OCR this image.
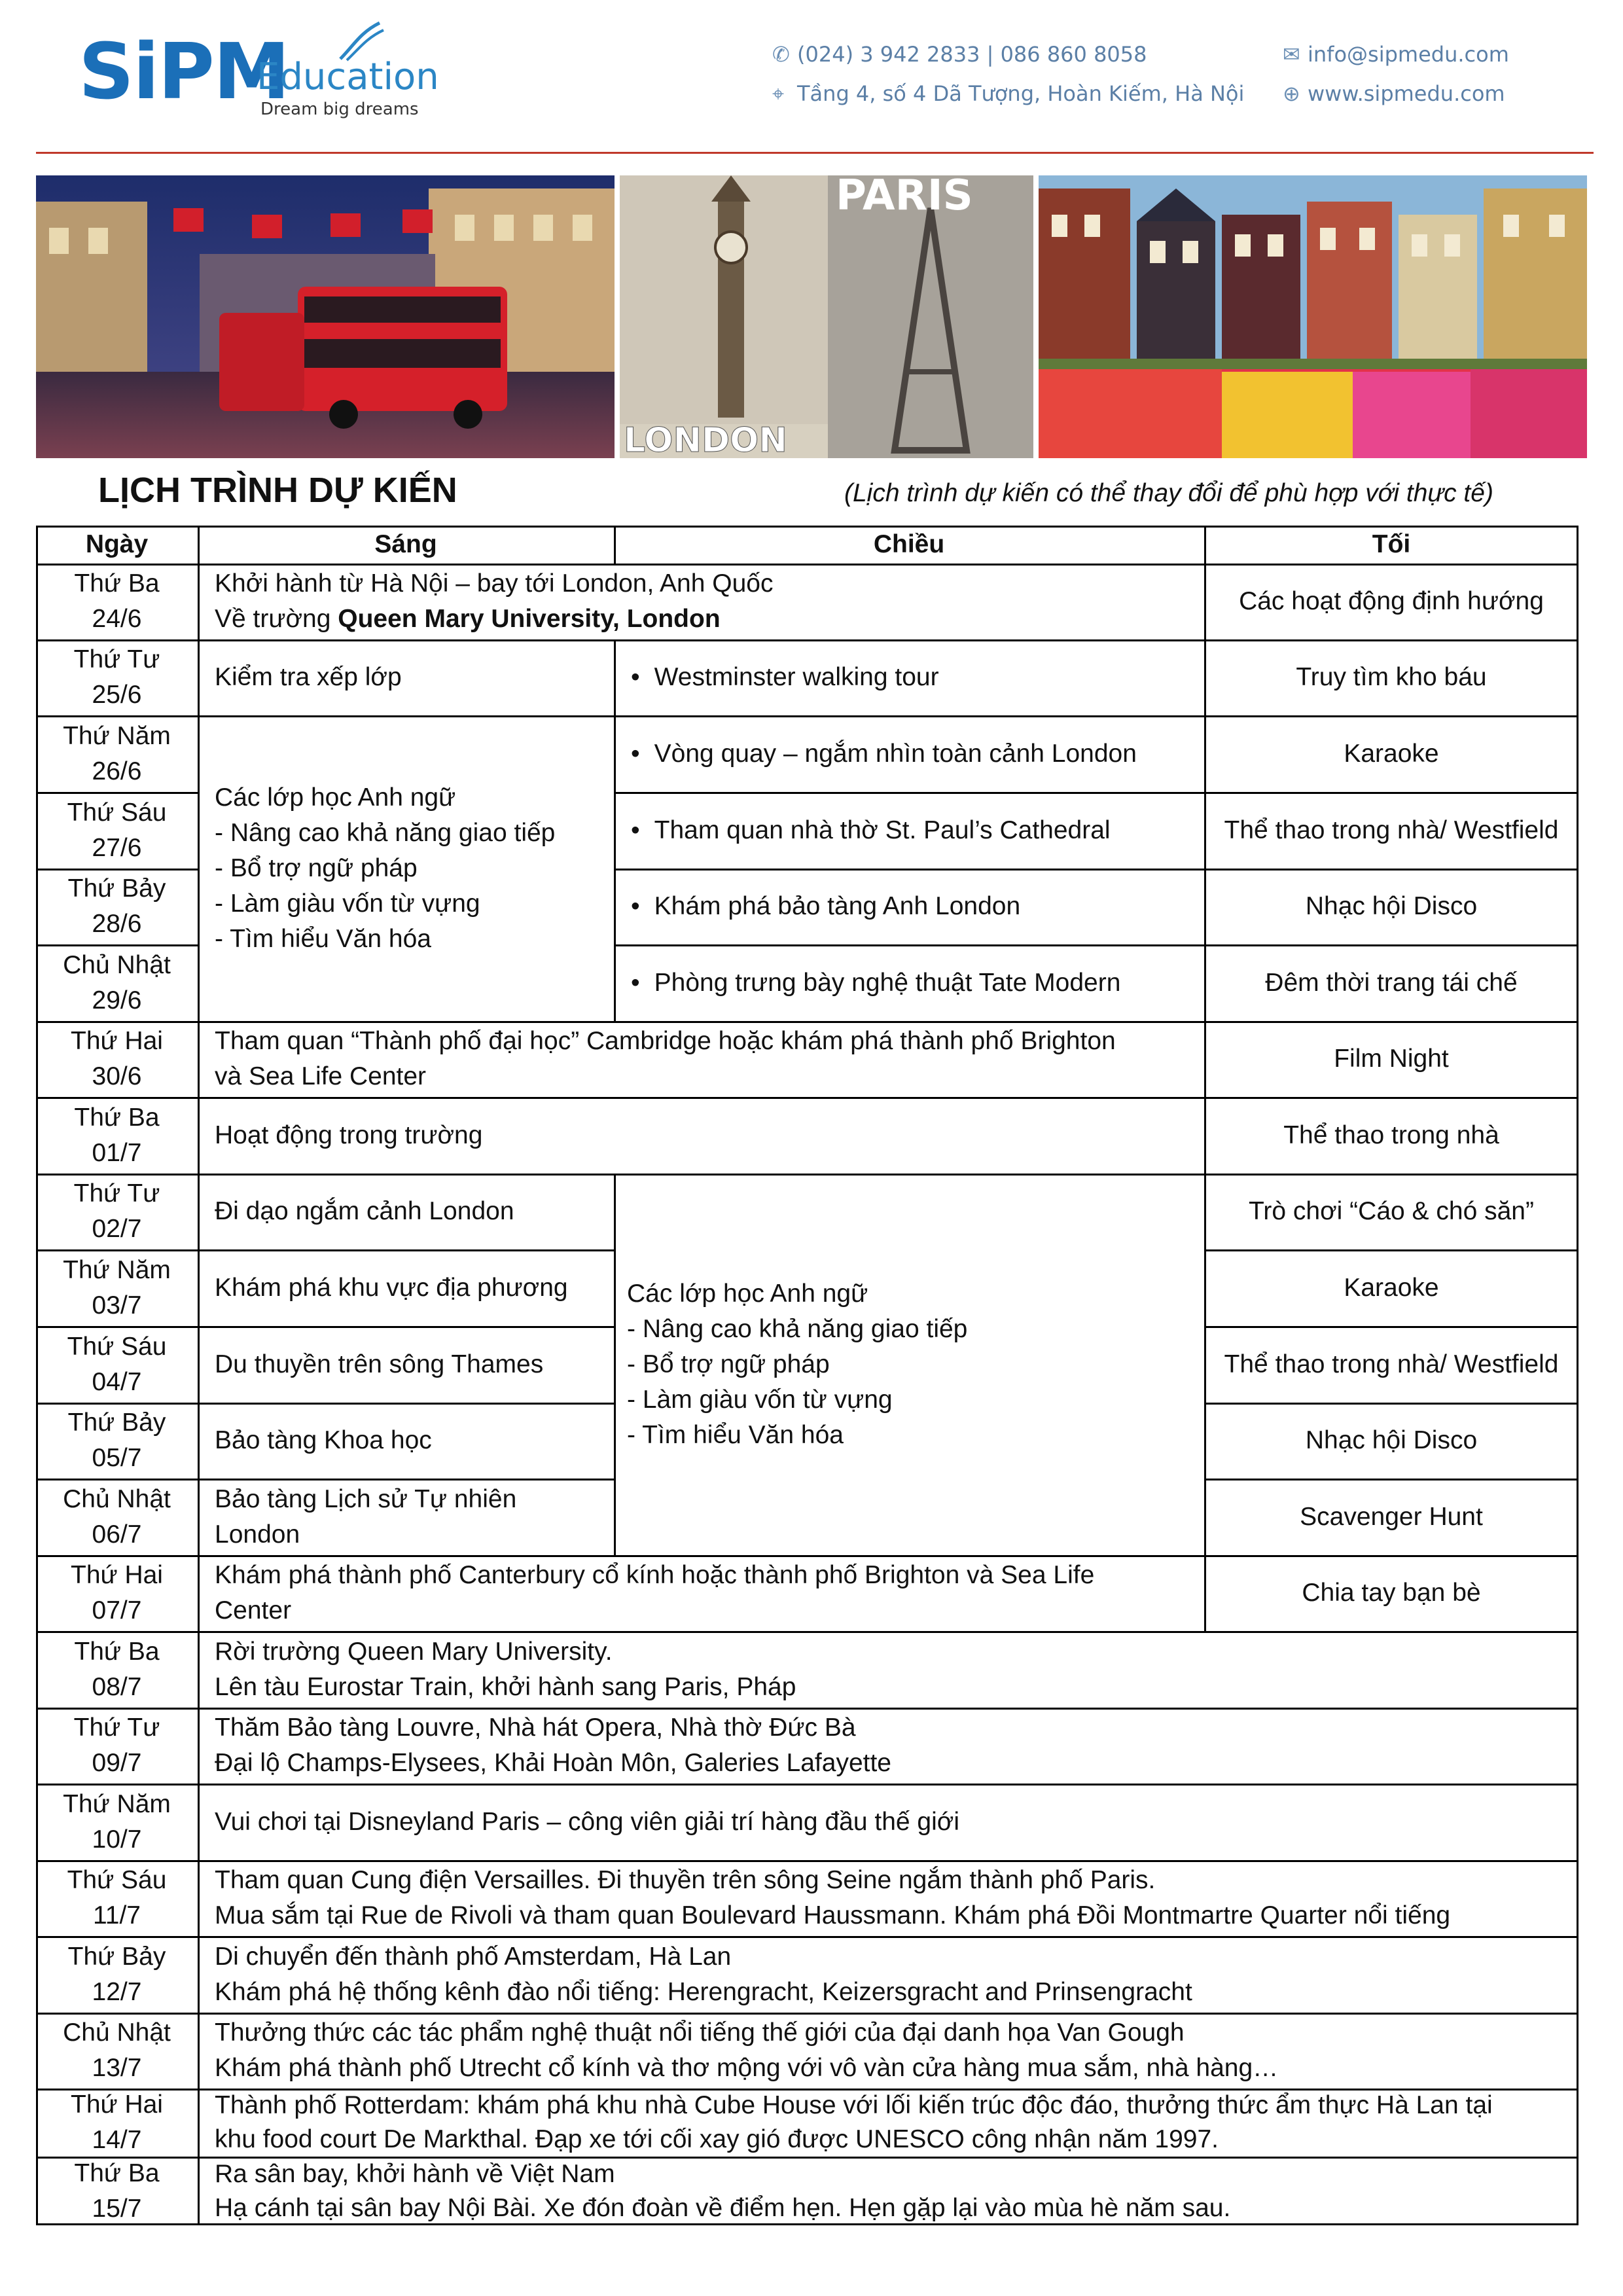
SiPM
Education
Dream big dreams
✆ (024) 3 942 2833 | 086 860 8058
⌖ Tầng 4, số 4 Dã Tượng, Hoàn Kiếm, Hà Nội
✉ info@sipmedu.com
⊕ www.sipmedu.com
PARIS
LONDON
LỊCH TRÌNH DỰ KIẾN	(Lịch trình dự kiến có thể thay đổi để phù hợp với thực tế)
Ngày	Sáng	Chiều	Tối
Thứ Ba
24/6
Thứ Tư
25/6
Thứ Năm
26/6
Thứ Sáu
27/6
Thứ Bảy
28/6
Chủ Nhật
29/6
Thứ Hai
30/6
Thứ Ba
01/7
Thứ Tư
02/7
Thứ Năm
03/7
Thứ Sáu
04/7
Thứ Bảy
05/7
Chủ Nhật
06/7
Thứ Hai
07/7
Thứ Ba
08/7
Thứ Tư
09/7
Thứ Năm
10/7
Thứ Sáu
11/7
Thứ Bảy
12/7
Chủ Nhật
13/7
Thứ Hai
14/7
Thứ Ba
15/7
Khởi hành từ Hà Nội – bay tới London, Anh Quốc
Về trường Queen Mary University, London
Các hoạt động định hướng
Kiểm tra xếp lớp
•	Westminster walking tour	Truy tìm kho báu
Các lớp học Anh ngữ
- Nâng cao khả năng giao tiếp
- Bổ trợ ngữ pháp
- Làm giàu vốn từ vựng
- Tìm hiểu Văn hóa
• Vòng quay – ngắm nhìn toàn cảnh London	Karaoke
• Tham quan nhà thờ St. Paul’s Cathedral	Thể thao trong nhà/ Westfield
• Khám phá bảo tàng Anh London	Nhạc hội Disco
• Phòng trưng bày nghệ thuật Tate Modern	Đêm thời trang tái chế
Tham quan “Thành phố đại học” Cambridge hoặc khám phá thành phố Brighton
và Sea Life Center
Film Night
Hoạt động trong trường	Thể thao trong nhà
Đi dạo ngắm cảnh London
Khám phá khu vực địa phương
Du thuyền trên sông Thames
Bảo tàng Khoa học
Bảo tàng Lịch sử Tự nhiên
London
Các lớp học Anh ngữ
- Nâng cao khả năng giao tiếp
- Bổ trợ ngữ pháp
- Làm giàu vốn từ vựng
- Tìm hiểu Văn hóa
Trò chơi “Cáo & chó săn”
Karaoke
Thể thao trong nhà/ Westfield
Nhạc hội Disco
Scavenger Hunt
Khám phá thành phố Canterbury cổ kính hoặc thành phố Brighton và Sea Life
Center
Chia tay bạn bè
Rời trường Queen Mary University.
Lên tàu Eurostar Train, khởi hành sang Paris, Pháp
Thăm Bảo tàng Louvre, Nhà hát Opera, Nhà thờ Đức Bà
Đại lộ Champs-Elysees, Khải Hoàn Môn, Galeries Lafayette
Vui chơi tại Disneyland Paris – công viên giải trí hàng đầu thế giới
Tham quan Cung điện Versailles. Đi thuyền trên sông Seine ngắm thành phố Paris.
Mua sắm tại Rue de Rivoli và tham quan Boulevard Haussmann. Khám phá Đồi Montmartre Quarter nổi tiếng
Di chuyển đến thành phố Amsterdam, Hà Lan
Khám phá hệ thống kênh đào nổi tiếng: Herengracht, Keizersgracht and Prinsengracht
Thưởng thức các tác phẩm nghệ thuật nổi tiếng thế giới của đại danh họa Van Gough
Khám phá thành phố Utrecht cổ kính và thơ mộng với vô vàn cửa hàng mua sắm, nhà hàng…
Thành phố Rotterdam: khám phá khu nhà Cube House với lối kiến trúc độc đáo, thưởng thức ẩm thực Hà Lan tại
khu food court De Markthal. Đạp xe tới cối xay gió được UNESCO công nhận năm 1997.
Ra sân bay, khởi hành về Việt Nam
Hạ cánh tại sân bay Nội Bài. Xe đón đoàn về điểm hẹn. Hẹn gặp lại vào mùa hè năm sau.
